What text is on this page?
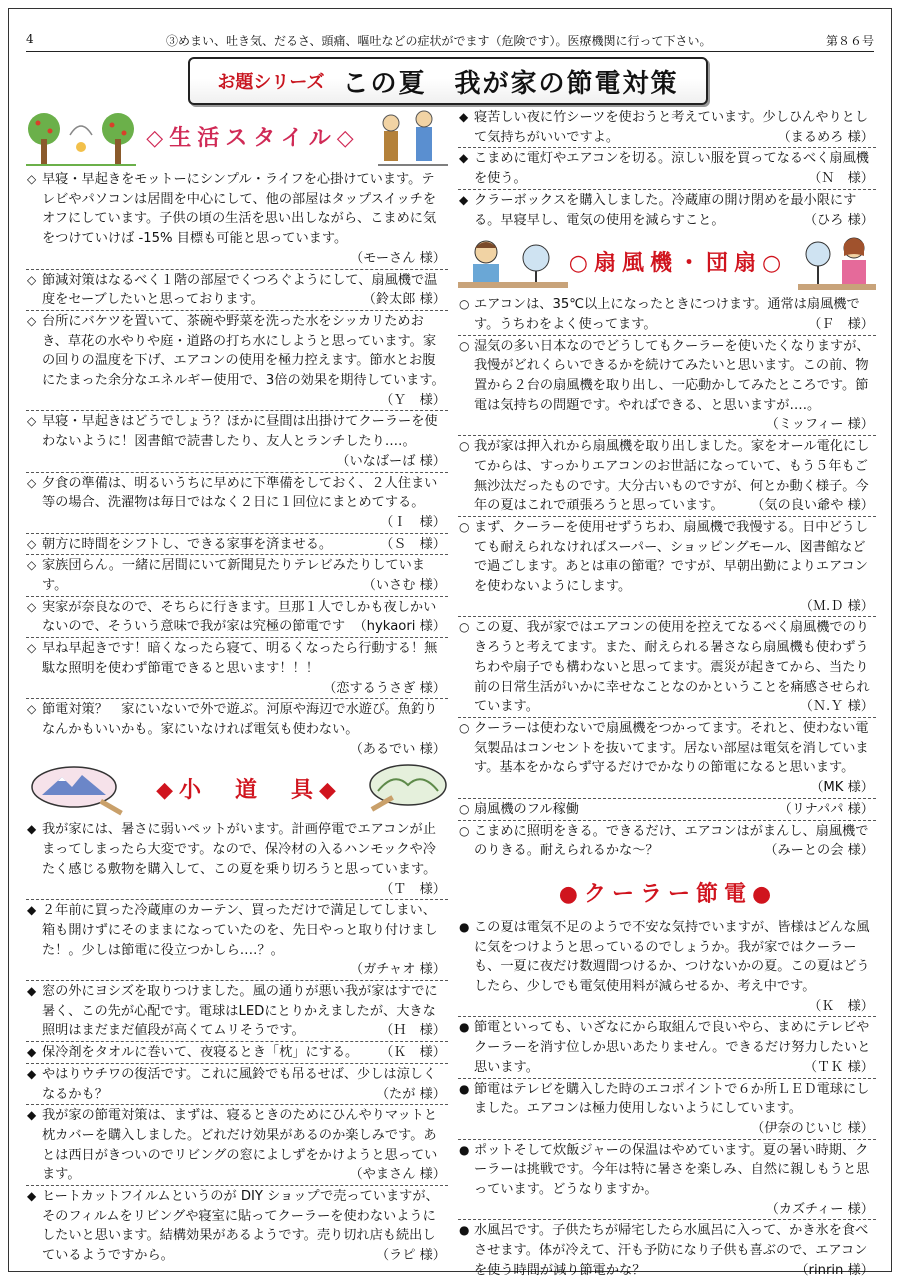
4	③めまい、吐き気、だるさ、頭痛、嘔吐などの症状がでます（危険です）。医療機関に行って下さい。	第８６号
お題シリーズ この夏　我が家の節電対策
◇生活スタイル◇
◇ 早寝・早起きをモットーにシンプル・ライフを心掛けています。テレビやパソコンは居間を中心にして、他の部屋はタップスイッチをオフにしています。子供の頃の生活を思い出しながら、こまめに気をつけていけば -15% 目標も可能と思っています。
（モーさん 様）
◇ 節減対策はなるべく１階の部屋でくつろぐようにして、扇風機で温度をセーブしたいと思っております。	（鈴太郎 様）
◇ 台所にバケツを置いて、茶碗や野菜を洗った水をシッカリためおき、草花の水やりや庭・道路の打ち水にしようと思っています。家の回りの温度を下げ、エアコンの使用を極力控えます。節水とお腹にたまった余分なエネルギー使用で、3倍の効果を期待しています。
（Ｙ　様）
◇ 早寝・早起きはどうでしょう？ほかに昼間は出掛けてクーラーを使わないように！図書館で読書したり、友人とランチしたり‥‥。
（いなばーば 様）
◇ 夕食の準備は、明るいうちに早めに下準備をしておく、２人住まい等の場合、洗濯物は毎日ではなく２日に１回位にまとめてする。
（Ｉ　様）
◇ 朝方に時間をシフトし、できる家事を済ませる。	（Ｓ　様）
◇ 家族団らん。一緒に居間にいて新聞見たりテレビみたりしています。	（いさむ 様）
◇ 実家が奈良なので、そちらに行きます。旦那１人でしかも夜しかいないので、そういう意味で我が家は究極の節電です （hykaori 様）
◇ 早ね早起きです！暗くなったら寝て、明るくなったら行動する！無駄な照明を使わず節電できると思います！！！
（恋するうさぎ 様）
◇ 節電対策？　家にいないで外で遊ぶ。河原や海辺で水遊び。魚釣りなんかもいいかも。家にいなければ電気も使わない。
（あるでい 様）
◆小　道　具◆
◆ 我が家には、暑さに弱いペットがいます。計画停電でエアコンが止まってしまったら大変です。なので、保冷材の入るハンモックや冷たく感じる敷物を購入して、この夏を乗り切ろうと思っています。
（Ｔ　様）
◆ ２年前に買った冷蔵庫のカーテン、買っただけで満足してしまい、箱も開けずにそのままになっていたのを、先日やっと取り付けました！。少しは節電に役立つかしら‥‥？。
（ガチャオ 様）
◆ 窓の外にヨシズを取りつけました。風の通りが悪い我が家はすでに暑く、この先が心配です。電球はLEDにとりかえましたが、大きな照明はまだまだ値段が高くてムリそうです。	（Ｈ　様）
◆ 保冷剤をタオルに巻いて、夜寝るとき「枕」にする。 （Ｋ　様）
◆ やはりウチワの復活です。これに風鈴でも吊るせば、少しは涼しくなるかも？	（たが 様）
◆ 我が家の節電対策は、まずは、寝るときのためにひんやりマットと枕カバーを購入しました。どれだけ効果があるのか楽しみです。あとは西日がきついのでリビングの窓によしずをかけようと思っています。	（やまさん 様）
◆ ヒートカットフイルムというのが DIY ショップで売っていますが、そのフィルムをリビングや寝室に貼ってクーラーを使わないようにしたいと思います。結構効果があるようです。売り切れ店も続出しているようですから。	（ラピ 様）
◆ 寝苦しい夜に竹シーツを使おうと考えています。少しひんやりとして気持ちがいいですよ。	（まるめろ 様）
◆ こまめに電灯やエアコンを切る。涼しい服を買ってなるべく扇風機を使う。	（Ｎ　様）
◆ クラーボックスを購入しました。冷蔵庫の開け閉めを最小限にする。早寝早し、電気の使用を減らすこと。	（ひろ 様）
○扇風機・団扇○
○ エアコンは、35℃以上になったときにつけます。通常は扇風機です。うちわをよく使ってます。	（Ｆ　様）
○ 湿気の多い日本なのでどうしてもクーラーを使いたくなりますが、我慢がどれくらいできるかを続けてみたいと思います。この前、物置から２台の扇風機を取り出し、一応動かしてみたところです。節電は気持ちの問題です。やればできる、と思いますが‥‥。
（ミッフィー 様）
○ 我が家は押入れから扇風機を取り出しました。家をオール電化にしてからは、すっかりエアコンのお世話になっていて、もう５年もご無沙汰だったものです。大分古いものですが、何とか動く様子。今年の夏はこれで頑張ろうと思っています。 （気の良い爺や 様）
○ まず、クーラーを使用せずうちわ、扇風機で我慢する。日中どうしても耐えられなければスーパー、ショッピングモール、図書館などで過ごします。あとは車の節電？ですが、早朝出勤によりエアコンを使わないようにします。
（Ｍ.Ｄ 様）
○ この夏、我が家ではエアコンの使用を控えてなるべく扇風機でのりきろうと考えてます。また、耐えられる暑さなら扇風機も使わずうちわや扇子でも構わないと思ってます。震災が起きてから、当たり前の日常生活がいかに幸せなことなのかということを痛感させられています。	（Ｎ.Ｙ 様）
○ クーラーは使わないで扇風機をつかってます。それと、使わない電気製品はコンセントを抜いてます。居ない部屋は電気を消しています。基本をかならず守るだけでかなりの節電になると思います。
（MK 様）
○ 扇風機のフル稼働	（リナパパ 様）
○ こまめに照明をきる。できるだけ、エアコンはがまんし、扇風機でのりきる。耐えられるかな～？	（みーとの会 様）
●クーラー節電●
● この夏は電気不足のようで不安な気持でいますが、皆様はどんな風に気をつけようと思っているのでしょうか。我が家ではクーラーも、一夏に夜だけ数週間つけるか、つけないかの夏。この夏はどうしたら、少しでも電気使用料が減らせるか、考え中です。
（Ｋ　様）
● 節電といっても、いざなにから取組んで良いやら、まめにテレビやクーラーを消す位しか思いあたりません。できるだけ努力したいと思います。	（ＴＫ 様）
● 節電はテレビを購入した時のエコポイントで６か所ＬＥＤ電球にしました。エアコンは極力使用しないようにしています。
（伊奈のじいじ 様）
● ポットそして炊飯ジャーの保温はやめています。夏の暑い時期、クーラーは挑戦です。今年は特に暑さを楽しみ、自然に親しもうと思っています。どうなりますか。
（カズチィー 様）
● 水風呂です。子供たちが帰宅したら水風呂に入って、かき氷を食べさせます。体が冷えて、汗も予防になり子供も喜ぶので、エアコンを使う時間が減り節電かな？	（rinrin 様）
